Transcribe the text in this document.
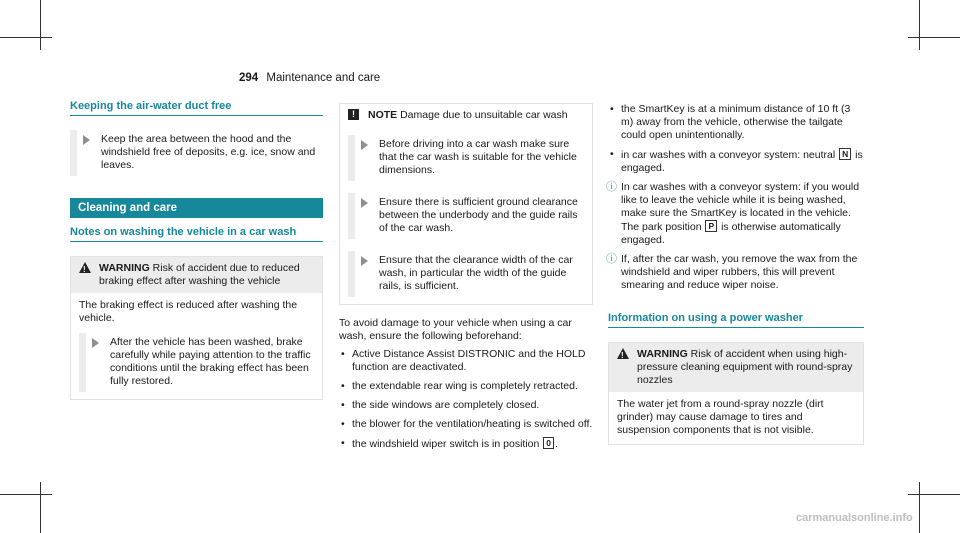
294 Maintenance and care
Keeping the air-water duct free
Keep the area between the hood and the windshield free of deposits, e.g. ice, snow and leaves.
Cleaning and care
Notes on washing the vehicle in a car wash
!
WARNING Risk of accident due to reduced braking effect after washing the vehicle
The braking effect is reduced after washing the vehicle.
After the vehicle has been washed, brake carefully while paying attention to the traffic conditions until the braking effect has been fully restored.
!	NOTE Damage due to unsuitable car wash
Before driving into a car wash make sure that the car wash is suitable for the vehicle dimensions.
Ensure there is sufficient ground clearance between the underbody and the guide rails of the car wash.
Ensure that the clearance width of the car wash, in particular the width of the guide rails, is sufficient.

To avoid damage to your vehicle when using a car wash, ensure the following beforehand:

• Active Distance Assist DISTRONIC and the HOLD function are deactivated.
• the extendable rear wing is completely retracted.
• the side windows are completely closed.
• the blower for the ventilation/heating is switched off.
• the windshield wiper switch is in position 0 .
• the SmartKey is at a minimum distance of 10 ft (3 m) away from the vehicle, otherwise the tailgate could open unintentionally.
• in car washes with a conveyor system: neutral N is engaged.
ⓘ In car washes with a conveyor system: if you would like to leave the vehicle while it is being washed, make sure the SmartKey is located in the vehicle. The park position P is otherwise automatically engaged.
ⓘ If, after the car wash, you remove the wax from the windshield and wiper rubbers, this will prevent smearing and reduce wiper noise.
Information on using a power washer
!
WARNING Risk of accident when using high-pressure cleaning equipment with round-spray nozzles
The water jet from a round-spray nozzle (dirt grinder) may cause damage to tires and suspension components that is not visible.
carmanualsonline.info
